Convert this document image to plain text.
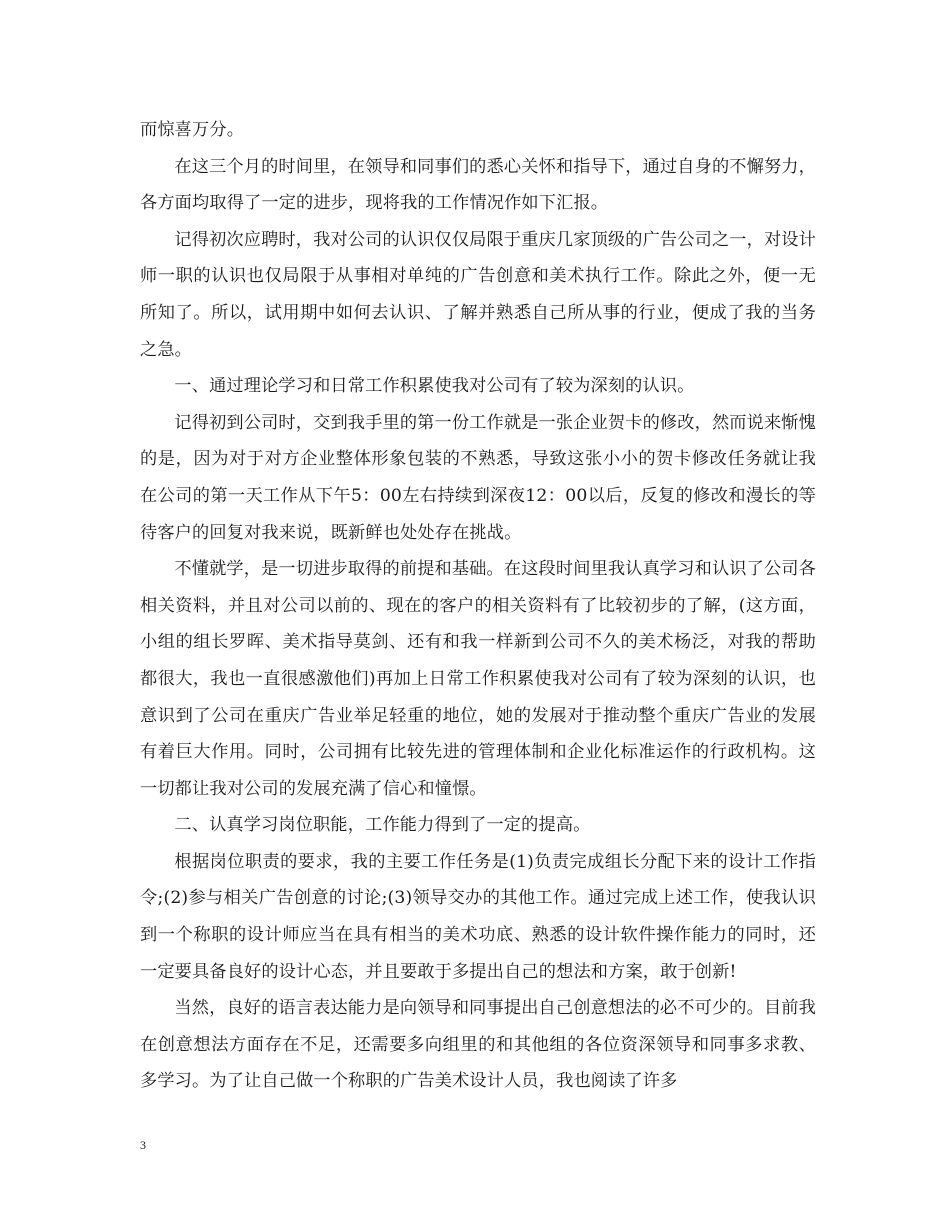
而惊喜万分。

在这三个月的时间里，在领导和同事们的悉心关怀和指导下，通过自身的不懈努力，各方面均取得了一定的进步，现将我的工作情况作如下汇报。

记得初次应聘时，我对公司的认识仅仅局限于重庆几家顶级的广告公司之一，对设计师一职的认识也仅局限于从事相对单纯的广告创意和美术执行工作。除此之外，便一无所知了。所以，试用期中如何去认识、了解并熟悉自己所从事的行业，便成了我的当务之急。

一、通过理论学习和日常工作积累使我对公司有了较为深刻的认识。

记得初到公司时，交到我手里的第一份工作就是一张企业贺卡的修改，然而说来惭愧的是，因为对于对方企业整体形象包装的不熟悉，导致这张小小的贺卡修改任务就让我在公司的第一天工作从下午5：00左右持续到深夜12：00以后，反复的修改和漫长的等待客户的回复对我来说，既新鲜也处处存在挑战。

不懂就学，是一切进步取得的前提和基础。在这段时间里我认真学习和认识了公司各相关资料，并且对公司以前的、现在的客户的相关资料有了比较初步的了解，(这方面，小组的组长罗晖、美术指导莫剑、还有和我一样新到公司不久的美术杨泛，对我的帮助都很大，我也一直很感激他们)再加上日常工作积累使我对公司有了较为深刻的认识，也意识到了公司在重庆广告业举足轻重的地位，她的发展对于推动整个重庆广告业的发展有着巨大作用。同时，公司拥有比较先进的管理体制和企业化标准运作的行政机构。这一切都让我对公司的发展充满了信心和憧憬。

二、认真学习岗位职能，工作能力得到了一定的提高。

根据岗位职责的要求，我的主要工作任务是(1)负责完成组长分配下来的设计工作指令;(2)参与相关广告创意的讨论;(3)领导交办的其他工作。通过完成上述工作，使我认识到一个称职的设计师应当在具有相当的美术功底、熟悉的设计软件操作能力的同时，还一定要具备良好的设计心态，并且要敢于多提出自己的想法和方案，敢于创新!

当然，良好的语言表达能力是向领导和同事提出自己创意想法的必不可少的。目前我在创意想法方面存在不足，还需要多向组里的和其他组的各位资深领导和同事多求教、多学习。为了让自己做一个称职的广告美术设计人员，我也阅读了许多

3
